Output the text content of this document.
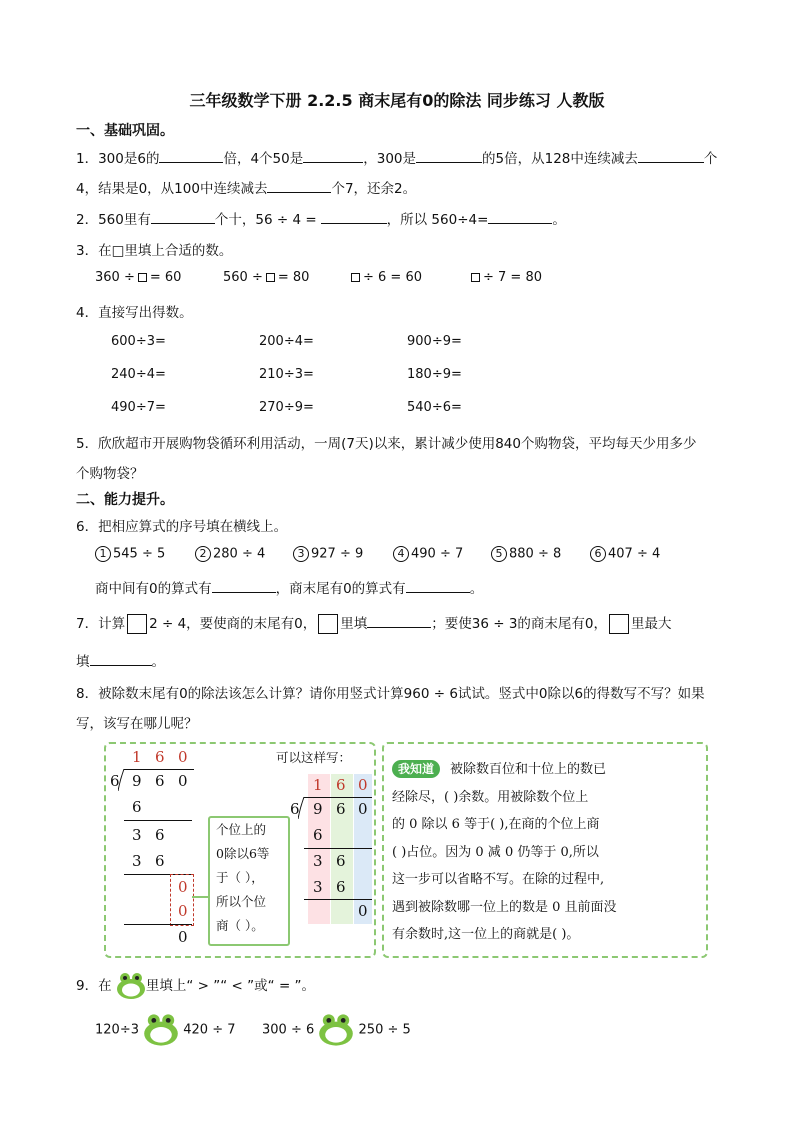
三年级数学下册 2.2.5 商末尾有0的除法 同步练习 人教版
一、基础巩固。
1．300是6的	倍，4个50是	，300是	的5倍，从128中连续减去	个
4，结果是0，从100中连续减去	个7，还余2。
2．560里有	个十，56 ÷ 4 =	，所以 560÷4=	。
3．在□里填上合适的数。
360 ÷ = 60	560 ÷ = 80	÷ 6 = 60	÷ 7 = 80
4．直接写出得数。
600÷3=	200÷4=	900÷9=
240÷4=	210÷3=	180÷9=
490÷7=	270÷9=	540÷6=
5．欣欣超市开展购物袋循环利用活动，一周(7天)以来，累计减少使用840个购物袋，平均每天少用多少
个购物袋？
二、能力提升。
6．把相应算式的序号填在横线上。
1 545 ÷ 5	2 280 ÷ 4	3 927 ÷ 9	4 490 ÷ 7	5 880 ÷ 8	6 407 ÷ 4
商中间有0的算式有	，商末尾有0的算式有	。
7．计算 2 ÷ 4，要使商的末尾有0， 里填	；要使36 ÷ 3的商末尾有0， 里最大
填	。
8．被除数末尾有0的除法该怎么计算？请你用竖式计算960 ÷ 6试试。竖式中0除以6的得数写不写？如果
写，该写在哪儿呢？
1 6 0
6 9 6 0
6
3 6
3 6
0
0
0
个位上的
0除以6等
于（ ），
所以个位
商（ ）。
可以这样写：
1 6 0
6 9 6 0
6
3 6
3 6
0
我知道 被除数百位和十位上的数已
经除尽，( )余数。用被除数个位上
的 0 除以 6 等于( ),在商的个位上商
( )占位。因为 0 减 0 仍等于 0,所以
这一步可以省略不写。在除的过程中,
遇到被除数哪一位上的数是 0 且前面没
有余数时,这一位上的商就是( )。
9．在	里填上“ > ”“ < ”或“ = ”。
120÷3	420 ÷ 7 300 ÷ 6	250 ÷ 5
